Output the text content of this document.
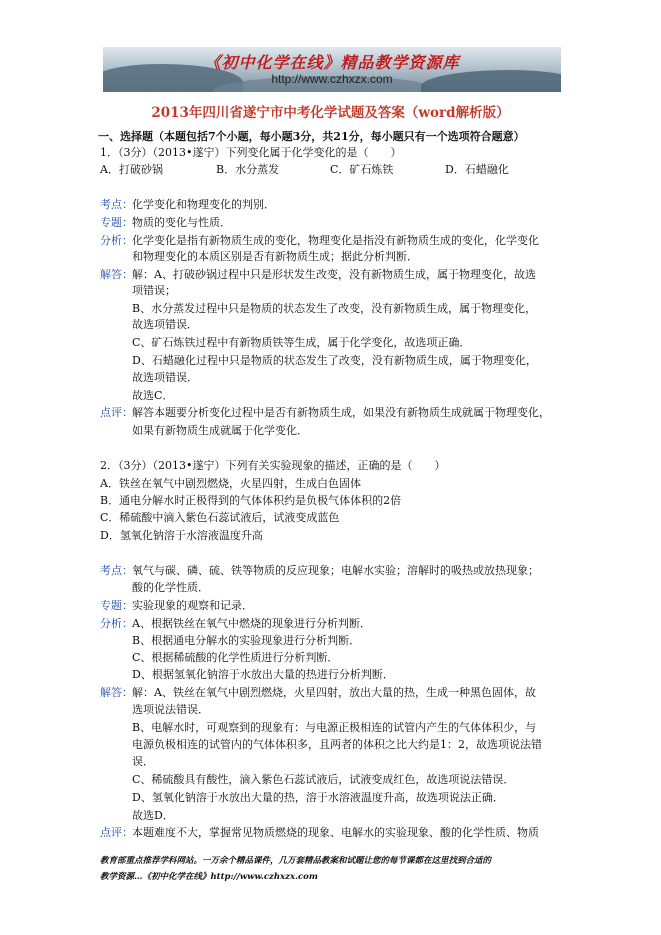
《初中化学在线》精品教学资源库
http://www.czhxzx.com
2013年四川省遂宁市中考化学试题及答案（word解析版）
一、选择题（本题包括7个小题，每小题3分，共21分，每小题只有一个选项符合题意）
1．（3分）（2013•遂宁）下列变化属于化学变化的是（　　）
A．打破砂锅	B．水分蒸发	C．矿石炼铁	D．石蜡融化
考点： 化学变化和物理变化的判别．
专题： 物质的变化与性质．
分析： 化学变化是指有新物质生成的变化，物理变化是指没有新物质生成的变化，化学变化
和物理变化的本质区别是否有新物质生成；据此分析判断．
解答： 解：A、打破砂锅过程中只是形状发生改变，没有新物质生成，属于物理变化，故选
项错误；
B、水分蒸发过程中只是物质的状态发生了改变，没有新物质生成，属于物理变化，
故选项错误．
C、矿石炼铁过程中有新物质铁等生成，属于化学变化，故选项正确．
D、石蜡融化过程中只是物质的状态发生了改变，没有新物质生成，属于物理变化，
故选项错误．
故选C．
点评： 解答本题要分析变化过程中是否有新物质生成，如果没有新物质生成就属于物理变化，
如果有新物质生成就属于化学变化．
2．（3分）（2013•遂宁）下列有关实验现象的描述，正确的是（　　）
A．铁丝在氧气中剧烈燃烧，火星四射，生成白色固体
B．通电分解水时正极得到的气体体积约是负极气体体积的2倍
C．稀硫酸中滴入紫色石蕊试液后，试液变成蓝色
D．氢氧化钠溶于水溶液温度升高
考点： 氧气与碳、磷、硫、铁等物质的反应现象；电解水实验；溶解时的吸热或放热现象；
酸的化学性质．
专题： 实验现象的观察和记录．
分析： A、根据铁丝在氧气中燃烧的现象进行分析判断．
B、根据通电分解水的实验现象进行分析判断．
C、根据稀硫酸的化学性质进行分析判断．
D、根据氢氧化钠溶于水放出大量的热进行分析判断．
解答： 解：A、铁丝在氧气中剧烈燃烧，火星四射，放出大量的热，生成一种黑色固体，故
选项说法错误．
B、电解水时，可观察到的现象有：与电源正极相连的试管内产生的气体体积少，与
电源负极相连的试管内的气体体积多，且两者的体积之比大约是1：2，故选项说法错
误．
C、稀硫酸具有酸性，滴入紫色石蕊试液后，试液变成红色，故选项说法错误．
D、氢氧化钠溶于水放出大量的热，溶于水溶液温度升高，故选项说法正确．
故选D．
点评： 本题难度不大，掌握常见物质燃烧的现象、电解水的实验现象、酸的化学性质、物质
教育部重点推荐学科网站。一万余个精品课件，几万套精品教案和试题让您的每节课都在这里找到合适的
教学资源…《初中化学在线》http://www.czhxzx.com
